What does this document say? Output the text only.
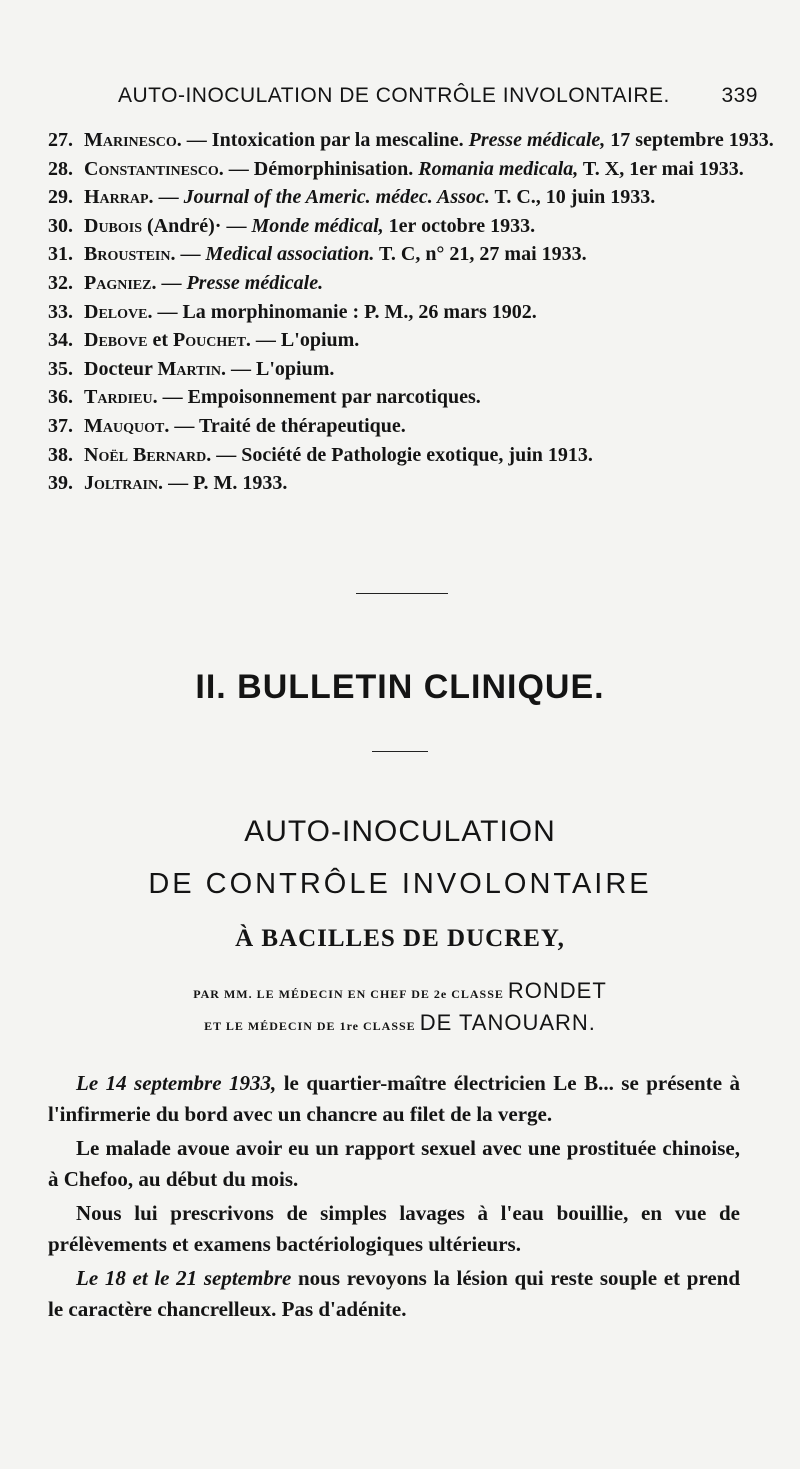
AUTO-INOCULATION DE CONTRÔLE INVOLONTAIRE. 339
27. Marinesco. — Intoxication par la mescaline. Presse médicale, 17 septembre 1933.
28. Constantinesco. — Démorphinisation. Romania medicala, T. X, 1er mai 1933.
29. Harrap. — Journal of the Americ. médec. Assoc. T. C., 10 juin 1933.
30. Dubois (André)· — Monde médical, 1er octobre 1933.
31. Broustein. — Medical association. T. C, n° 21, 27 mai 1933.
32. Pagniez. — Presse médicale.
33. Delove. — La morphinomanie : P. M., 26 mars 1902.
34. Debove et Pouchet. — L'opium.
35. Docteur Martin. — L'opium.
36. Tardieu. — Empoisonnement par narcotiques.
37. Mauquot. — Traité de thérapeutique.
38. Noël Bernard. — Société de Pathologie exotique, juin 1913.
39. Joltrain. — P. M. 1933.
II. BULLETIN CLINIQUE.
AUTO-INOCULATION
DE CONTRÔLE INVOLONTAIRE
À BACILLES DE DUCREY,
PAR MM. LE MÉDECIN EN CHEF DE 2e CLASSE RONDET
ET LE MÉDECIN DE 1re CLASSE DE TANOUARN.

Le 14 septembre 1933, le quartier-maître électricien Le B... se présente à l'infirmerie du bord avec un chancre au filet de la verge.

Le malade avoue avoir eu un rapport sexuel avec une prostituée chinoise, à Chefoo, au début du mois.

Nous lui prescrivons de simples lavages à l'eau bouillie, en vue de prélèvements et examens bactériologiques ultérieurs.

Le 18 et le 21 septembre nous revoyons la lésion qui reste souple et prend le caractère chancrelleux. Pas d'adénite.
